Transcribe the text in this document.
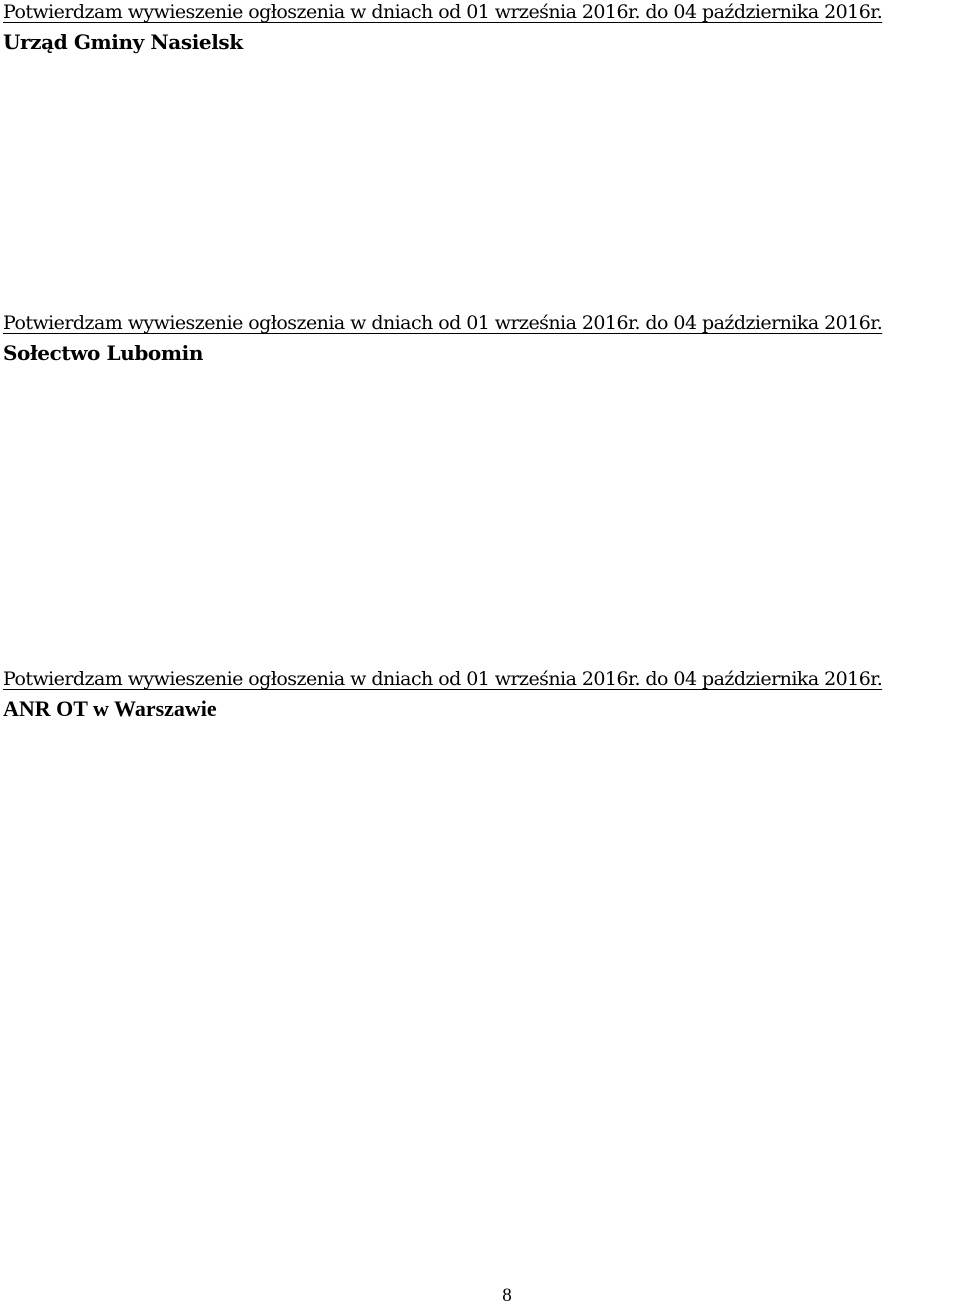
Potwierdzam wywieszenie ogłoszenia w dniach od 01 września 2016r. do 04 października 2016r.

Urząd Gminy Nasielsk

Potwierdzam wywieszenie ogłoszenia w dniach od 01 września 2016r. do 04 października 2016r.

Sołectwo Lubomin

Potwierdzam wywieszenie ogłoszenia w dniach od 01 września 2016r. do 04 października 2016r.

ANR OT w Warszawie

8
